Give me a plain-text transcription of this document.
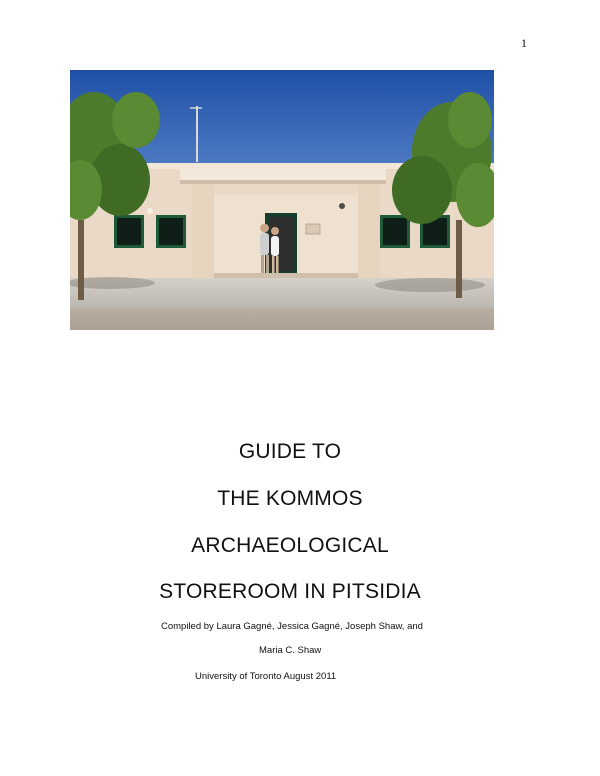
1
GUIDE TO
THE KOMMOS
ARCHAEOLOGICAL
STOREROOM IN PITSIDIA
Compiled by Laura Gagné, Jessica Gagné, Joseph Shaw, and
Maria C. Shaw
University of Toronto August 2011
